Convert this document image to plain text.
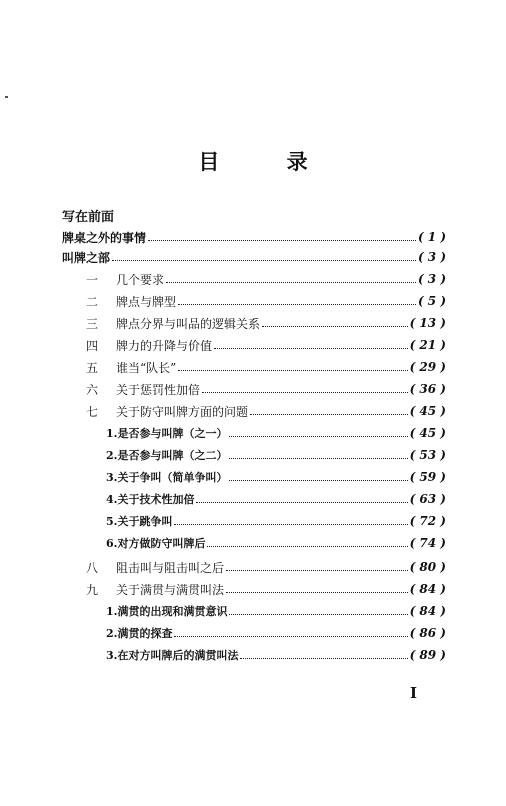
目 录
写在前面
牌桌之外的事情	( 1 )
叫牌之部	( 3 )
一 几个要求	( 3 )
二 牌点与牌型	( 5 )
三 牌点分界与叫品的逻辑关系	( 13 )
四 牌力的升降与价值	( 21 )
五 谁当“队长”	( 29 )
六 关于惩罚性加倍	( 36 )
七 关于防守叫牌方面的问题	( 45 )
1.是否参与叫牌（之一）	( 45 )
2.是否参与叫牌（之二）	( 53 )
3.关于争叫（简单争叫）	( 59 )
4.关于技术性加倍	( 63 )
5.关于跳争叫	( 72 )
6.对方做防守叫牌后	( 74 )
八 阻击叫与阻击叫之后	( 80 )
九 关于满贯与满贯叫法	( 84 )
1.满贯的出现和满贯意识	( 84 )
2.满贯的探查	( 86 )
3.在对方叫牌后的满贯叫法	( 89 )
I
